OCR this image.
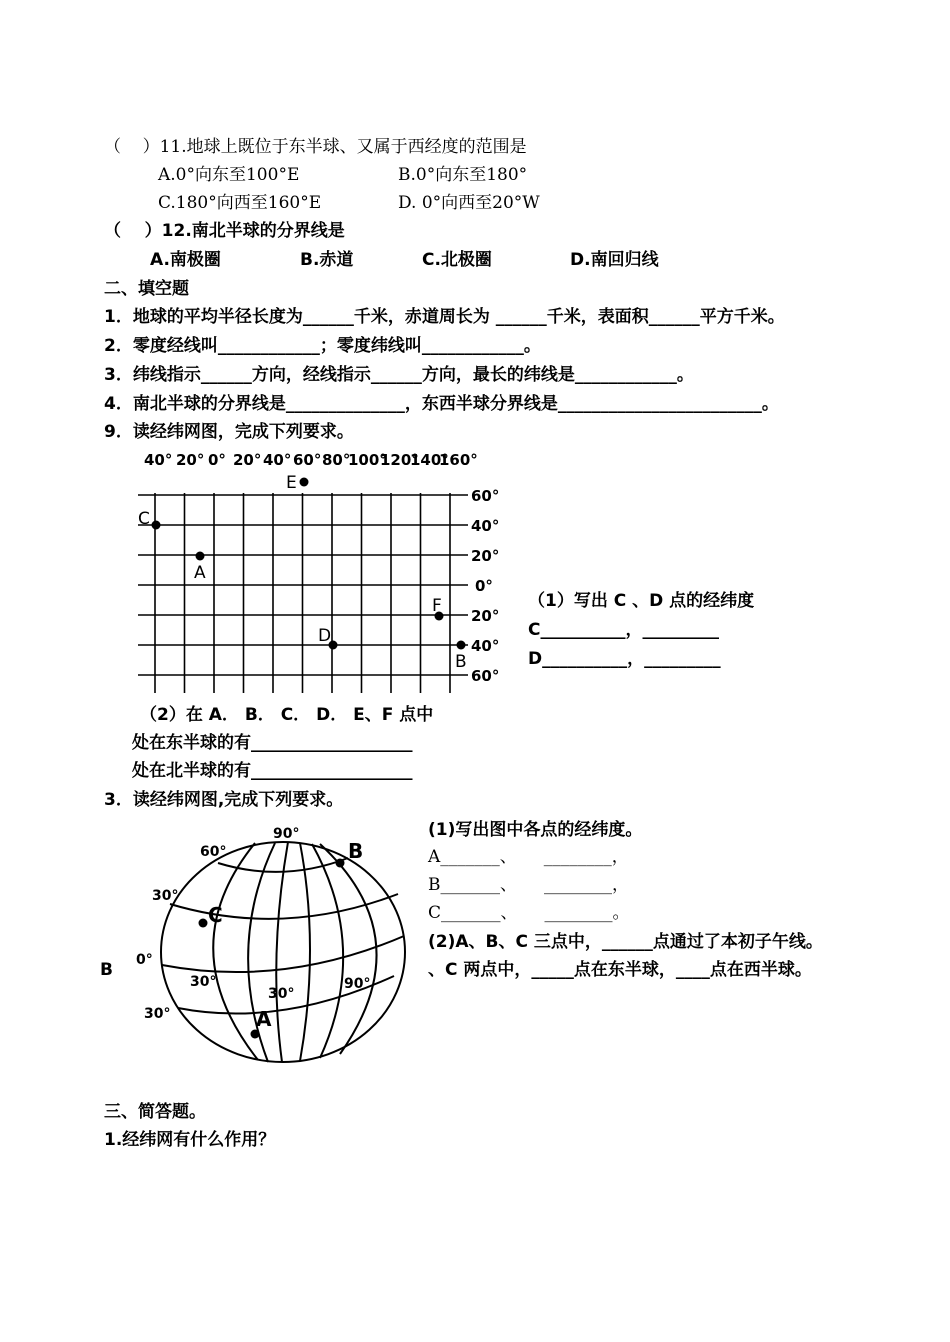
（    ）11.地球上既位于东半球、又属于西经度的范围是
A.0°向东至100°E	B.0°向东至180°
C.180°向西至160°E	D. 0°向西至20°W
（    ）12.南北半球的分界线是
A.南极圈	B.赤道	C.北极圈	D.南回归线
二、填空题
1．地球的平均半径长度为______千米，赤道周长为 ______千米，表面积______平方千米。
2．零度经线叫____________；零度纬线叫____________。
3．纬线指示______方向，经线指示______方向，最长的纬线是____________。
4．南北半球的分界线是______________，东西半球分界线是________________________。
9．读经纬网图，完成下列要求。
40° 20° 0° 20° 40° 60° 80°
100°
120°
140°
160°
60°
40°
20°
0°
20°
40°
60°
E
C
A
F
D
B
（1）写出 C 、D 点的经纬度
C__________，_________
D__________，_________
（2）在 A． B． C． D． E、F 点中
处在东半球的有___________________
处在北半球的有___________________
3．读经纬网图,完成下列要求。
(1)写出图中各点的经纬度。
A_______、     ________，
B_______、     ________，
C_______、     ________。
(2)A、B、C 三点中，______点通过了本初子午线。
、C 两点中，_____点在东半球，____点在西半球。
B
90°
60°
30°
0°
30°
30°
30°
90°
B
C
A
三、简答题。
1.经纬网有什么作用？
